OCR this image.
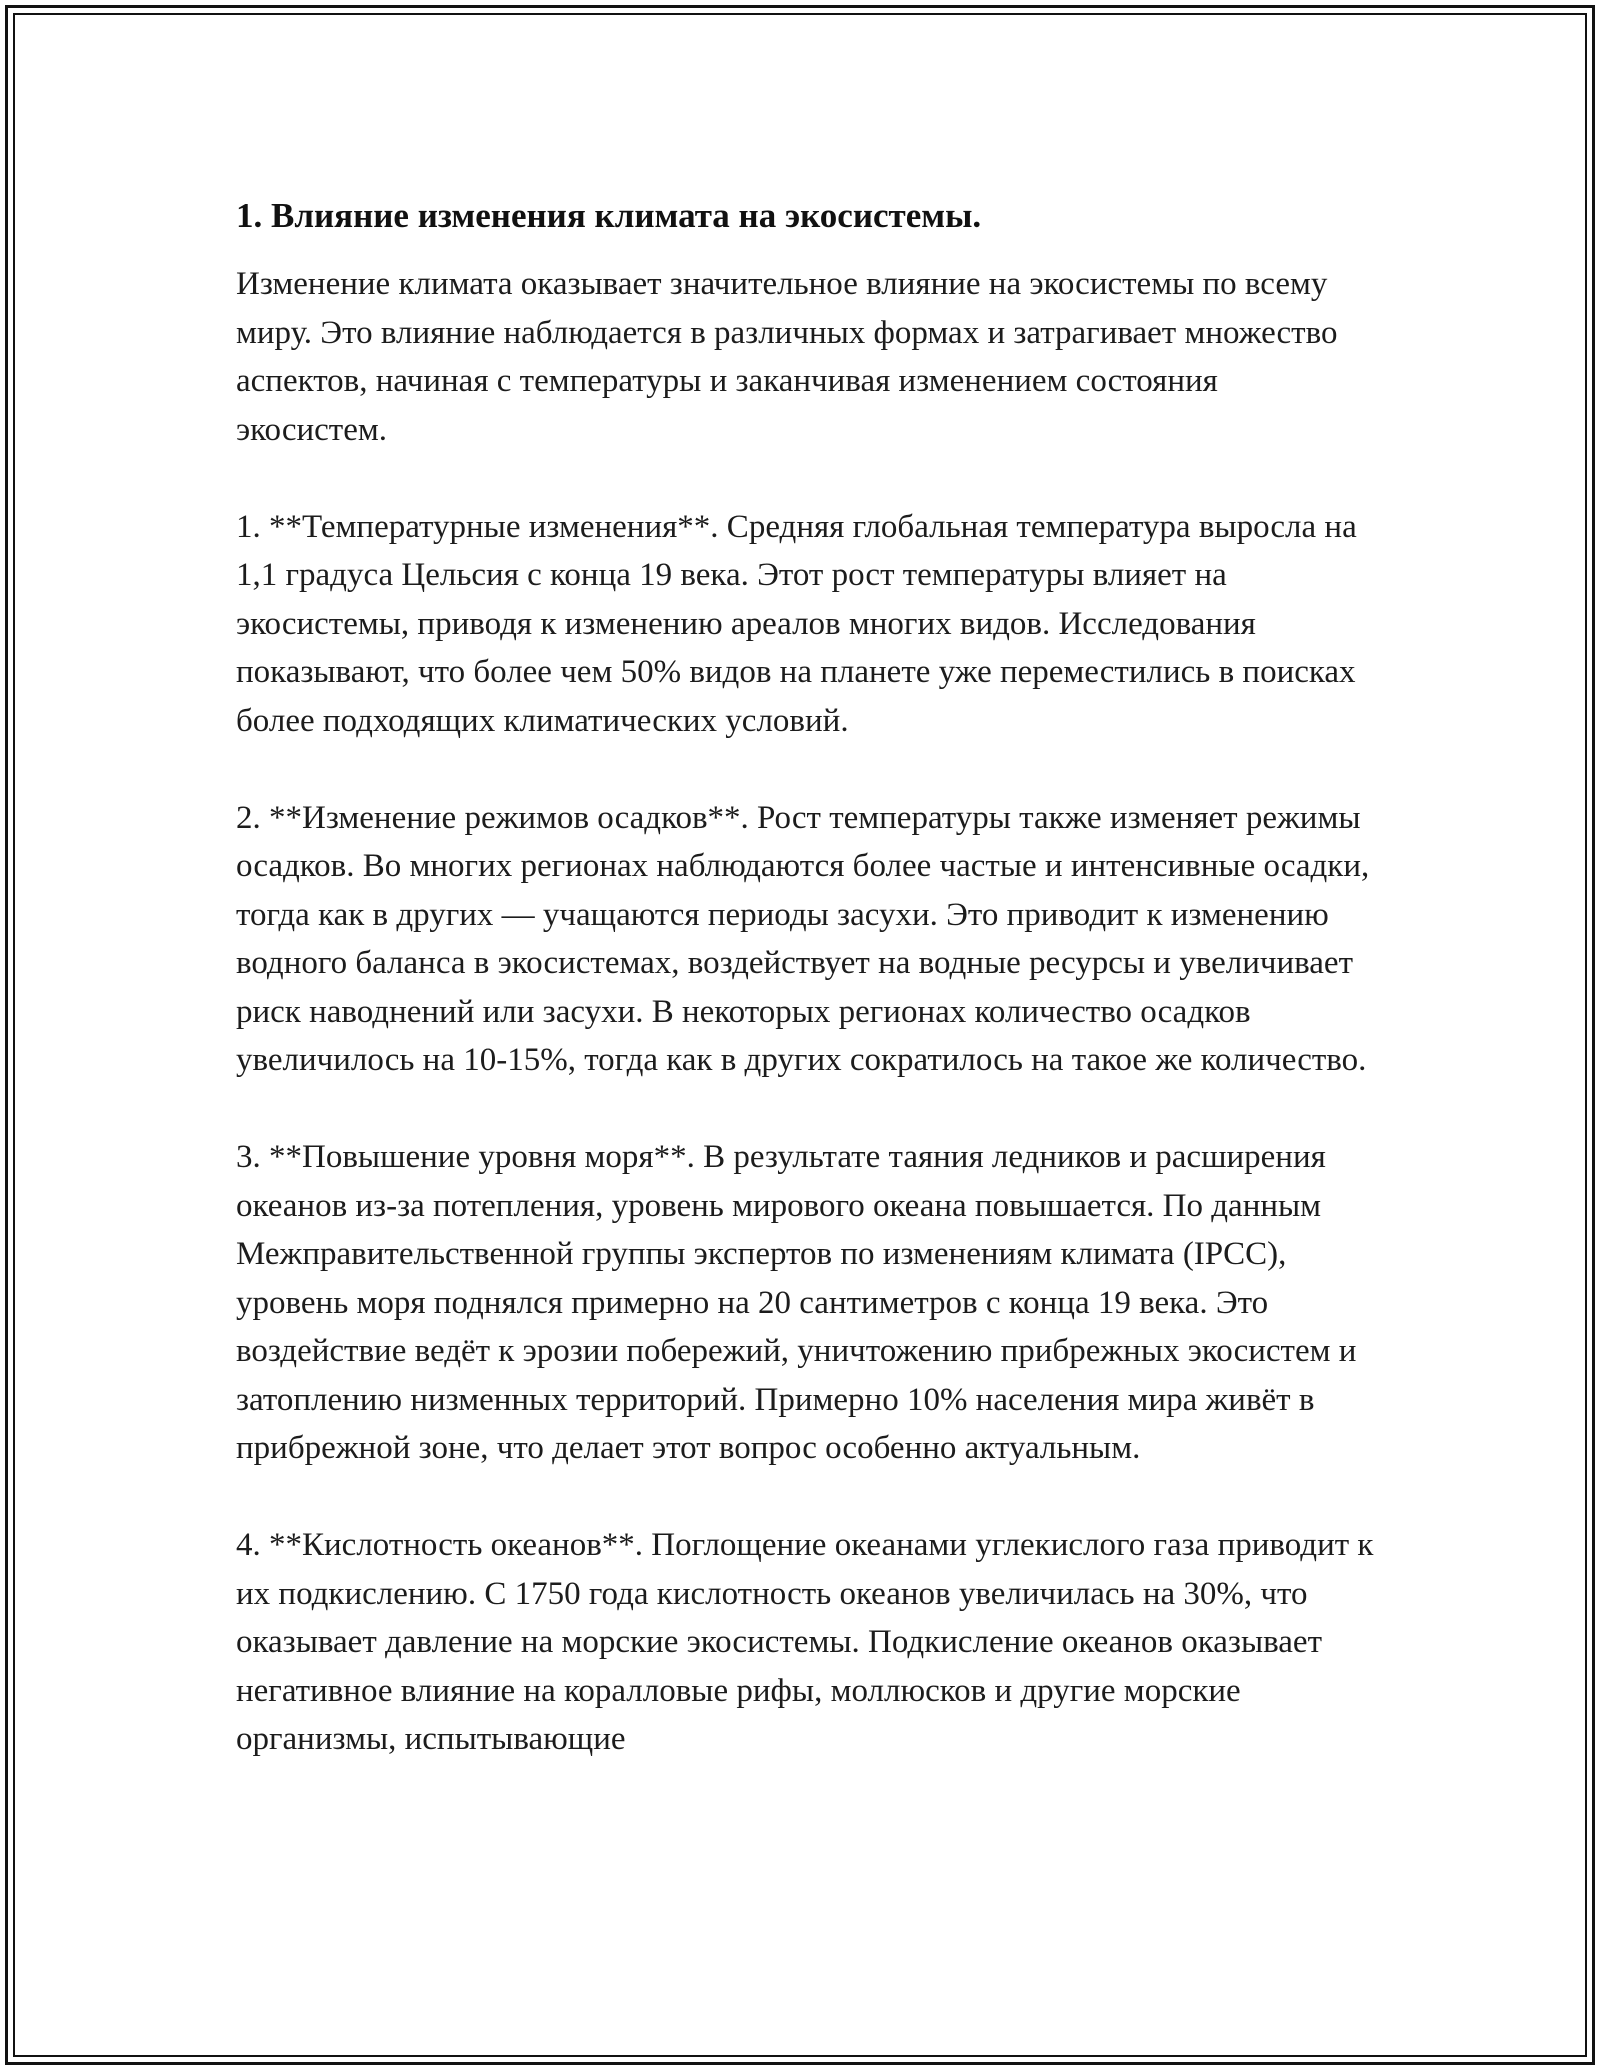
1. Влияние изменения климата на экосистемы.

Изменение климата оказывает значительное влияние на экосистемы по всему миру. Это влияние наблюдается в различных формах и затрагивает множество аспектов, начиная с температуры и заканчивая изменением состояния экосистем.

1. **Температурные изменения**. Средняя глобальная температура выросла на 1,1 градуса Цельсия с конца 19 века. Этот рост температуры влияет на экосистемы, приводя к изменению ареалов многих видов. Исследования показывают, что более чем 50% видов на планете уже переместились в поисках более подходящих климатических условий.

2. **Изменение режимов осадков**. Рост температуры также изменяет режимы осадков. Во многих регионах наблюдаются более частые и интенсивные осадки, тогда как в других — учащаются периоды засухи. Это приводит к изменению водного баланса в экосистемах, воздействует на водные ресурсы и увеличивает риск наводнений или засухи. В некоторых регионах количество осадков увеличилось на 10-15%, тогда как в других сократилось на такое же количество.

3. **Повышение уровня моря**. В результате таяния ледников и расширения океанов из-за потепления, уровень мирового океана повышается. По данным Межправительственной группы экспертов по изменениям климата (IPCC), уровень моря поднялся примерно на 20 сантиметров с конца 19 века. Это воздействие ведёт к эрозии побережий, уничтожению прибрежных экосистем и затоплению низменных территорий. Примерно 10% населения мира живёт в прибрежной зоне, что делает этот вопрос особенно актуальным.

4. **Кислотность океанов**. Поглощение океанами углекислого газа приводит к их подкислению. С 1750 года кислотность океанов увеличилась на 30%, что оказывает давление на морские экосистемы. Подкисление океанов оказывает негативное влияние на коралловые рифы, моллюсков и другие морские организмы, испытывающие
